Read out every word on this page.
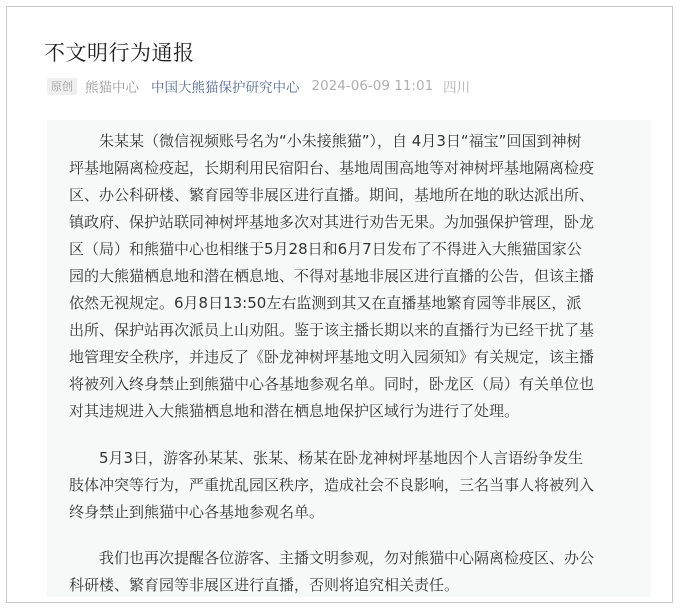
不文明行为通报
原创 熊猫中心 中国大熊猫保护研究中心 2024-06-09 11:01 四川
　　朱某某（微信视频账号名为“小朱接熊猫”），自 4月3日“福宝”回国到神树
坪基地隔离检疫起，长期利用民宿阳台、基地周围高地等对神树坪基地隔离检疫
区、办公科研楼、繁育园等非展区进行直播。期间，基地所在地的耿达派出所、
镇政府、保护站联同神树坪基地多次对其进行劝告无果。为加强保护管理，卧龙
区（局）和熊猫中心也相继于5月28日和6月7日发布了不得进入大熊猫国家公
园的大熊猫栖息地和潜在栖息地、不得对基地非展区进行直播的公告，但该主播
依然无视规定。6月8日13:50左右监测到其又在直播基地繁育园等非展区，派
出所、保护站再次派员上山劝阻。鉴于该主播长期以来的直播行为已经干扰了基
地管理安全秩序，并违反了《卧龙神树坪基地文明入园须知》有关规定，该主播
将被列入终身禁止到熊猫中心各基地参观名单。同时，卧龙区（局）有关单位也
对其违规进入大熊猫栖息地和潜在栖息地保护区域行为进行了处理。
　　5月3日，游客孙某某、张某、杨某在卧龙神树坪基地因个人言语纷争发生
肢体冲突等行为，严重扰乱园区秩序，造成社会不良影响，三名当事人将被列入
终身禁止到熊猫中心各基地参观名单。
　　我们也再次提醒各位游客、主播文明参观，勿对熊猫中心隔离检疫区、办公
科研楼、繁育园等非展区进行直播，否则将追究相关责任。
